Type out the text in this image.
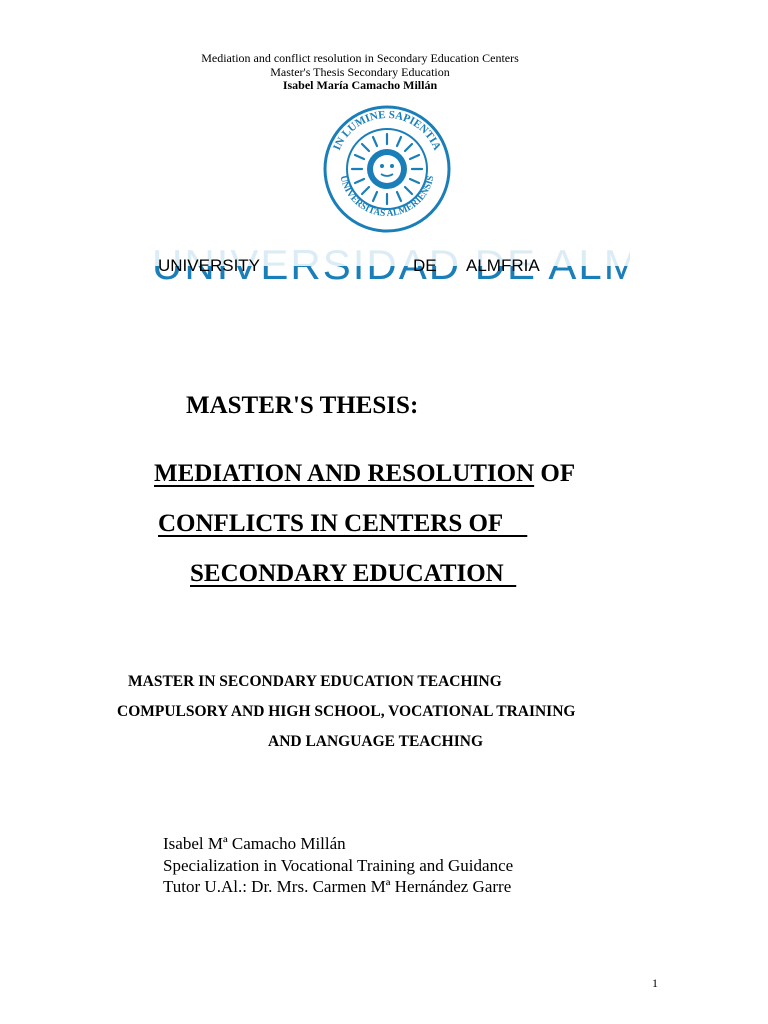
Mediation and conflict resolution in Secondary Education Centers
Master's Thesis Secondary Education
Isabel María Camacho Millán
IN LUMINE SAPIENTIA
UNIVERSITAS ALMERIENSIS
UNIVERSITY	DE ALMFRIA
MASTER'S THESIS:
MEDIATION AND RESOLUTION OF
CONFLICTS IN CENTERS OF
SECONDARY EDUCATION
MASTER IN SECONDARY EDUCATION TEACHING
COMPULSORY AND HIGH SCHOOL, VOCATIONAL TRAINING
AND LANGUAGE TEACHING
Isabel Mª Camacho Millán
Specialization in Vocational Training and Guidance
Tutor U.Al.: Dr. Mrs. Carmen Mª Hernández Garre
1
